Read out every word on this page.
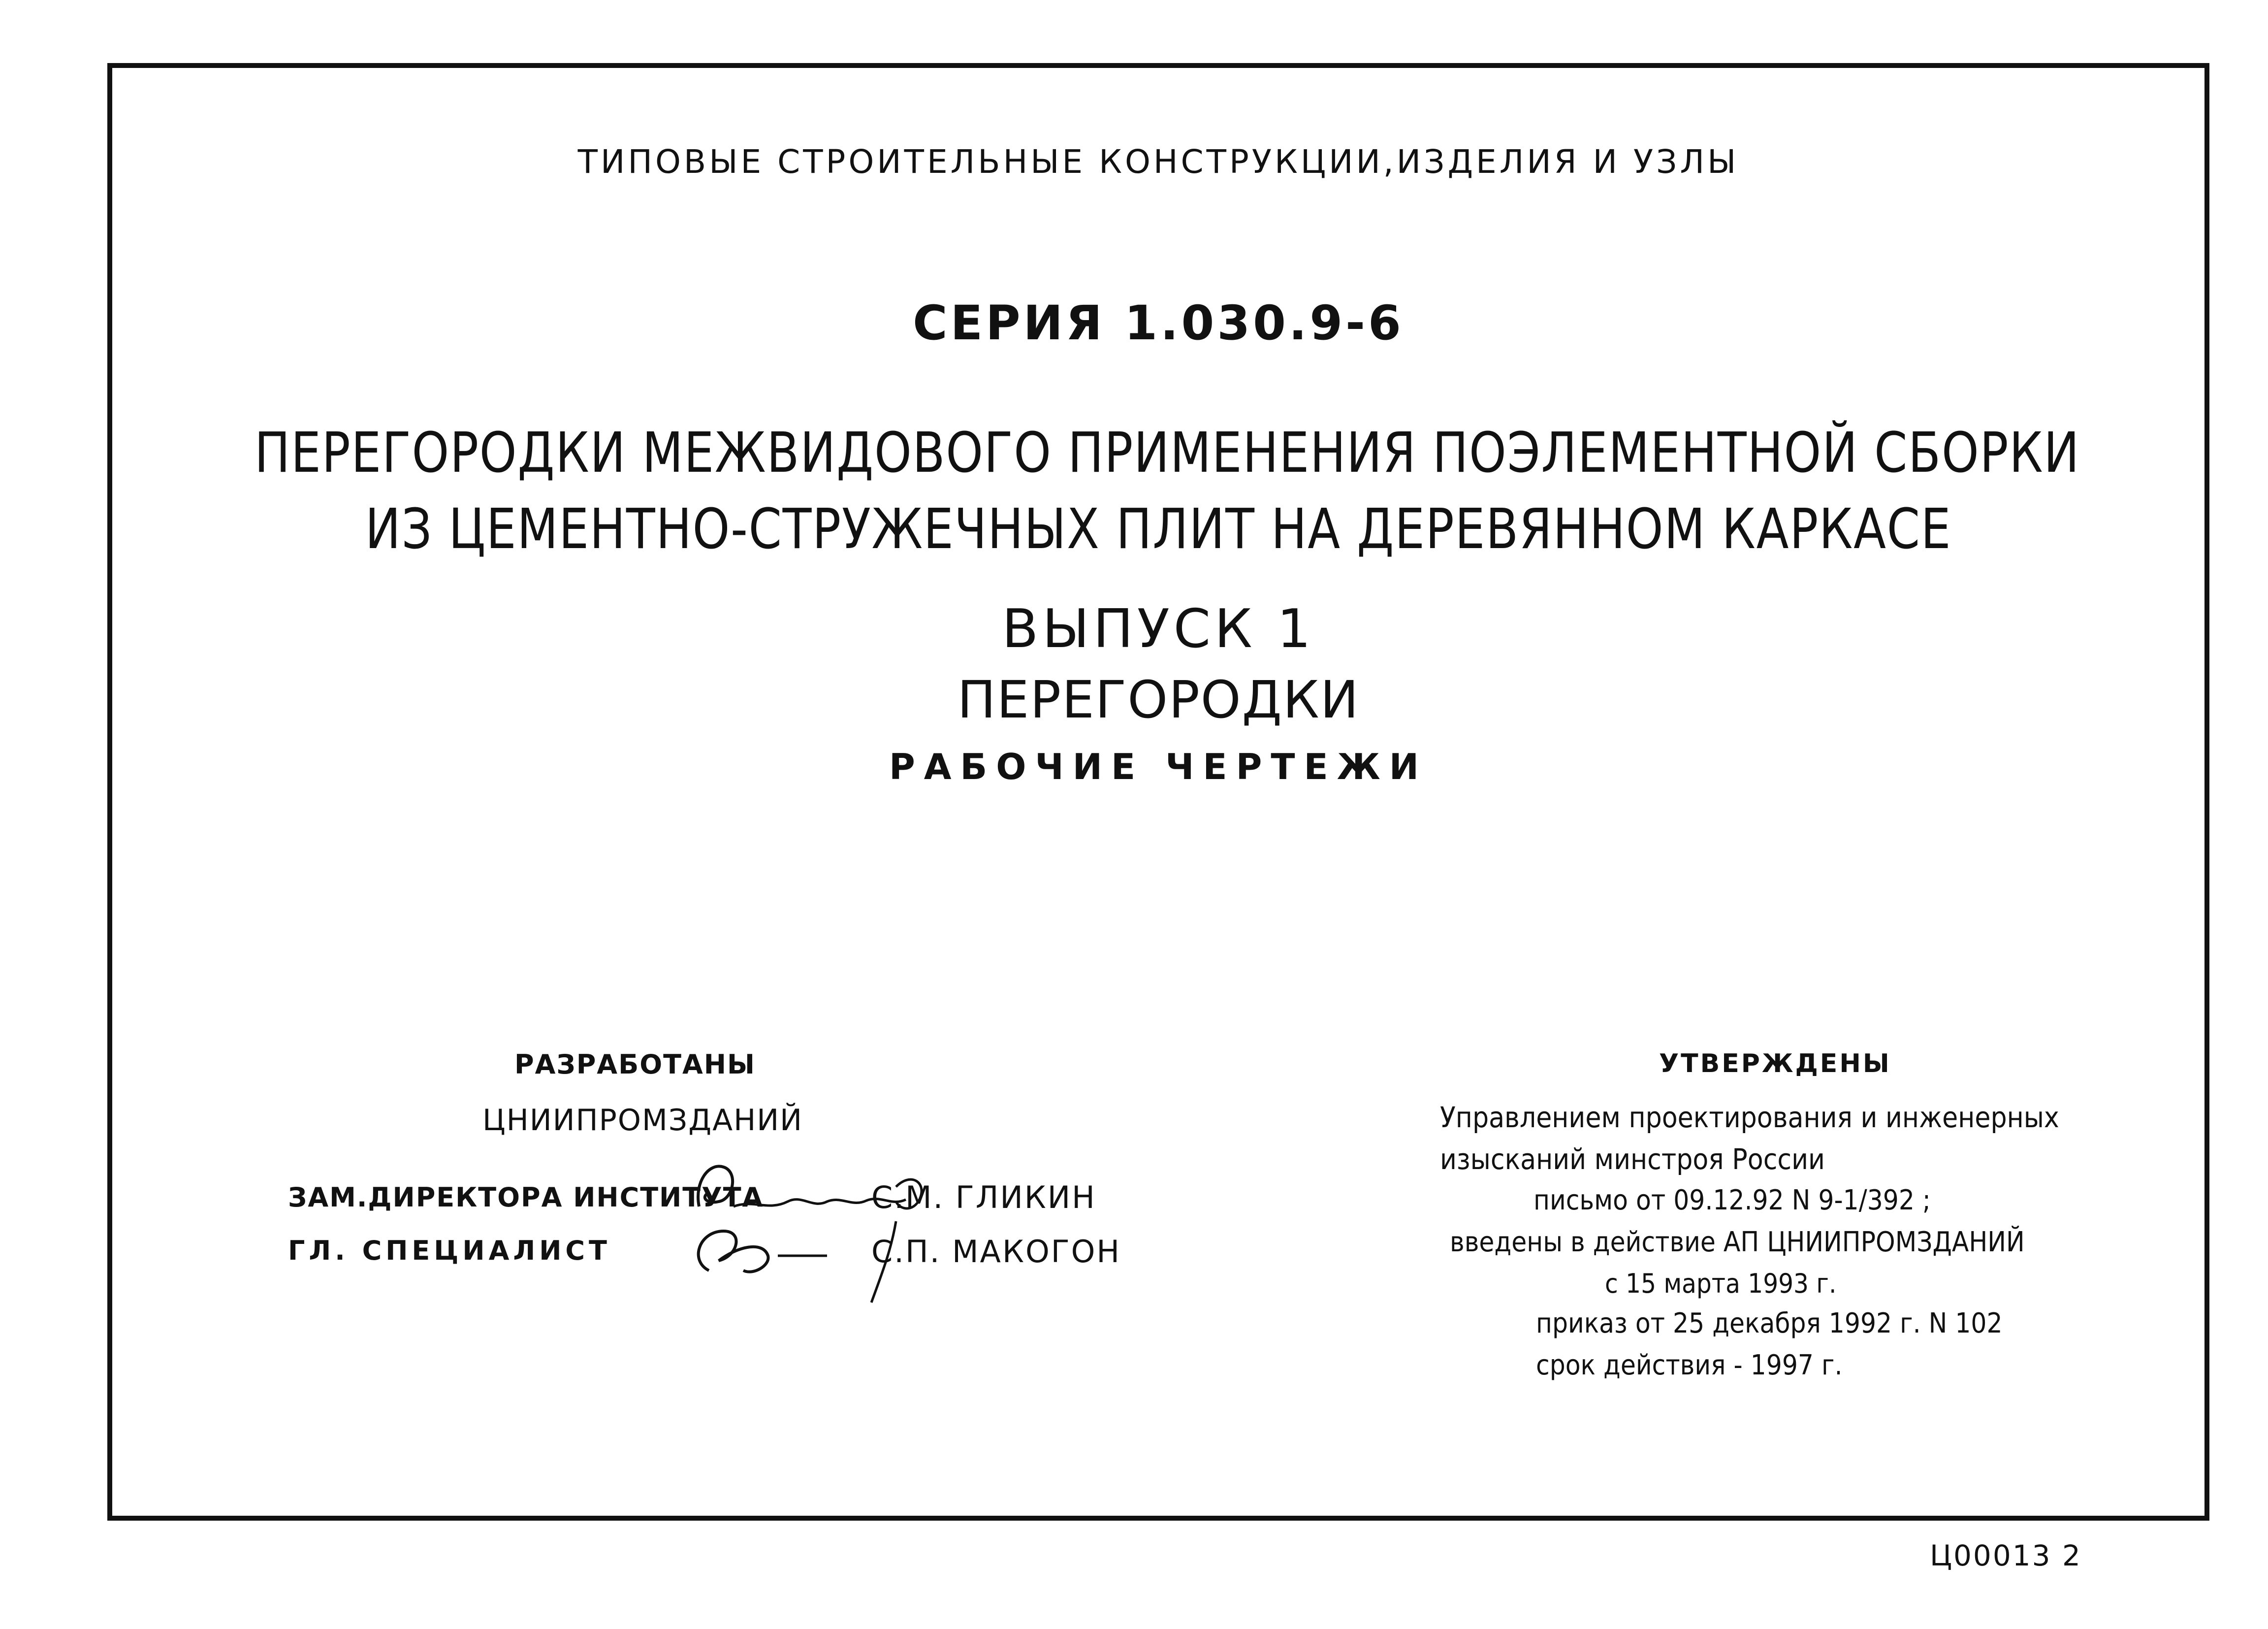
ТИПОВЫЕ СТРОИТЕЛЬНЫЕ КОНСТРУКЦИИ,ИЗДЕЛИЯ И УЗЛЫ
СЕРИЯ 1.030.9-6
ПЕРЕГОРОДКИ МЕЖВИДОВОГО ПРИМЕНЕНИЯ ПОЭЛЕМЕНТНОЙ СБОРКИ
ИЗ ЦЕМЕНТНО-СТРУЖЕЧНЫХ ПЛИТ НА ДЕРЕВЯННОМ КАРКАСЕ
ВЫПУСК 1
ПЕРЕГОРОДКИ
РАБОЧИЕ ЧЕРТЕЖИ
РАЗРАБОТАНЫ
ЦНИИПРОМЗДАНИЙ
ЗАМ.ДИРЕКТОРА ИНСТИТУТА	С.М. ГЛИКИН
ГЛ. СПЕЦИАЛИСТ	С.П. МАКОГОН
УТВЕРЖДЕНЫ
Управлением проектирования и инженерных
изысканий минстроя России
письмо от 09.12.92 N 9-1/392 ;
введены в действие АП ЦНИИПРОМЗДАНИЙ
с 15 марта 1993 г.
приказ от 25 декабря 1992 г. N 102
срок действия - 1997 г.
Ц00013 2
